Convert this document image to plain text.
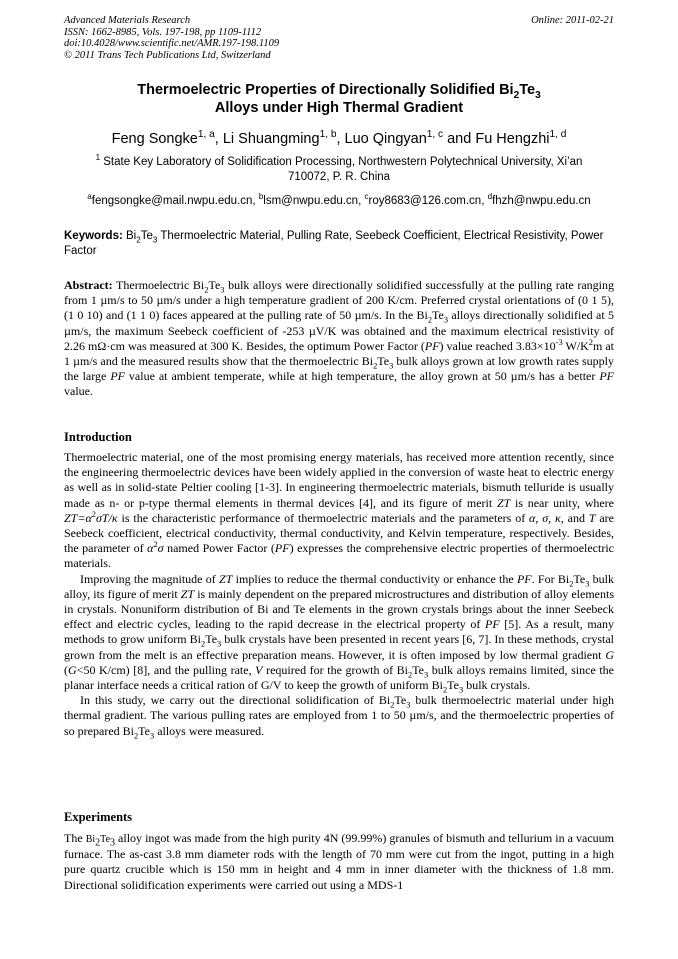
Advanced Materials Research
ISSN: 1662-8985, Vols. 197-198, pp 1109-1112
doi:10.4028/www.scientific.net/AMR.197-198.1109
© 2011 Trans Tech Publications Ltd, Switzerland
Online: 2011-02-21
Thermoelectric Properties of Directionally Solidified $Bi_2Te_3$
Alloys under High Thermal Gradient
Feng Songke$^{1, a}$, Li Shuangming$^{1, b}$, Luo Qingyan$^{1, c}$ and Fu Hengzhi$^{1, d}$
$^1$ State Key Laboratory of Solidification Processing, Northwestern Polytechnical University, Xi’an
710072, P. R. China
$^a$fengsongke@mail.nwpu.edu.cn, $^b$lsm@nwpu.edu.cn, $^c$roy8683@126.com.cn, $^d$fhzh@nwpu.edu.cn
Keywords: $Bi_2Te_3$ Thermoelectric Material, Pulling Rate, Seebeck Coefficient, Electrical Resistivity, Power Factor

Abstract: Thermoelectric $Bi_2Te_3$ bulk alloys were directionally solidified successfully at the pulling rate ranging from 1 µm/s to 50 µm/s under a high temperature gradient of 200 K/cm. Preferred crystal orientations of (0 1 5), (1 0 10) and (1 1 0) faces appeared at the pulling rate of 50 µm/s. In the $Bi_2Te_3$ alloys directionally solidified at 5 µm/s, the maximum Seebeck coefficient of -253 µV/K was obtained and the maximum electrical resistivity of 2.26 mΩ·cm was measured at 300 K. Besides, the optimum Power Factor (PF) value reached $3.83\times 10^{-3}$ $W/K^2m$ at 1 µm/s and the measured results show that the thermoelectric $Bi_2Te_3$ bulk alloys grown at low growth rates supply the large PF value at ambient temperate, while at high temperature, the alloy grown at 50 µm/s has a better PF value.

Introduction

Thermoelectric material, one of the most promising energy materials, has received more attention recently, since the engineering thermoelectric devices have been widely applied in the conversion of waste heat to electric energy as well as in solid-state Peltier cooling [1-3]. In engineering thermoelectric materials, bismuth telluride is usually made as n- or p-type thermal elements in thermal devices [4], and its figure of merit ZT is near unity, where $ZT=\alpha^2\sigma T/\kappa$ is the characteristic performance of thermoelectric materials and the parameters of α, σ, κ, and T are Seebeck coefficient, electrical conductivity, thermal conductivity, and Kelvin temperature, respectively. Besides, the parameter of $\alpha^2\sigma$ named Power Factor (PF) expresses the comprehensive electric properties of thermoelectric materials.

Improving the magnitude of ZT implies to reduce the thermal conductivity or enhance the PF. For $Bi_2Te_3$ bulk alloy, its figure of merit ZT is mainly dependent on the prepared microstructures and distribution of alloy elements in crystals. Nonuniform distribution of Bi and Te elements in the grown crystals brings about the inner Seebeck effect and electric cycles, leading to the rapid decrease in the electrical property of PF [5]. As a result, many methods to grow uniform $Bi_2Te_3$ bulk crystals have been presented in recent years [6, 7]. In these methods, crystal grown from the melt is an effective preparation means. However, it is often imposed by low thermal gradient G (G<50 K/cm) [8], and the pulling rate, V required for the growth of $Bi_2Te_3$ bulk alloys remains limited, since the planar interface needs a critical ration of G/V to keep the growth of uniform $Bi_2Te_3$ bulk crystals.

In this study, we carry out the directional solidification of $Bi_2Te_3$ bulk thermoelectric material under high thermal gradient. The various pulling rates are employed from 1 to 50 µm/s, and the thermoelectric properties of so prepared $Bi_2Te_3$ alloys were measured.

Experiments

The $Bi_2Te_3$ alloy ingot was made from the high purity 4N (99.99%) granules of bismuth and tellurium in a vacuum furnace. The as-cast 3.8 mm diameter rods with the length of 70 mm were cut from the ingot, putting in a high pure quartz crucible which is 150 mm in height and 4 mm in inner diameter with the thickness of 1.8 mm. Directional solidification experiments were carried out using a MDS-1
